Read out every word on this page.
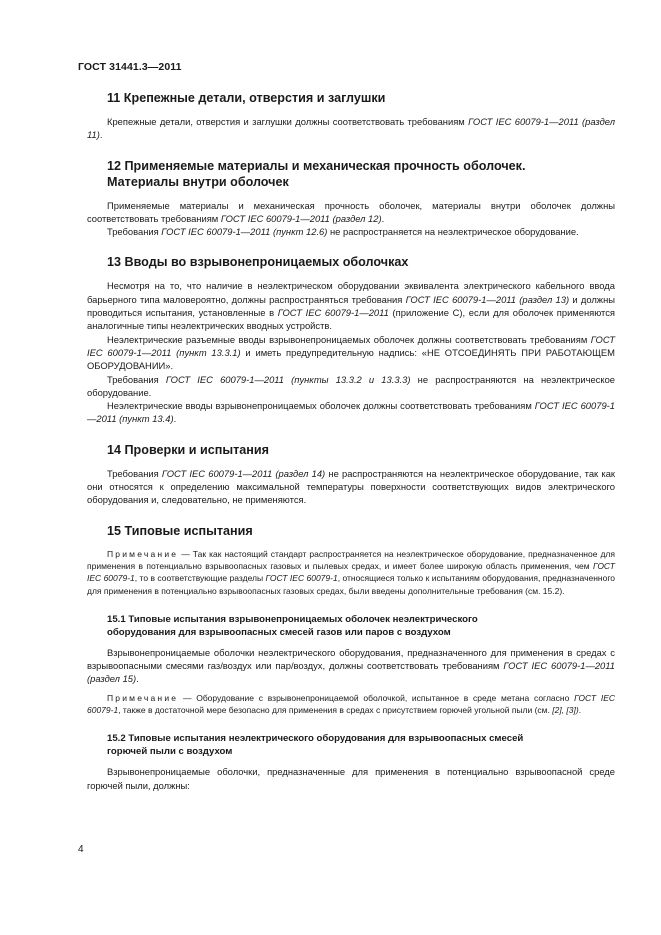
ГОСТ 31441.3—2011
11 Крепежные детали, отверстия и заглушки

Крепежные детали, отверстия и заглушки должны соответствовать требованиям ГОСТ IEC 60079-1—2011 (раздел 11).

12 Применяемые материалы и механическая прочность оболочек.
Материалы внутри оболочек

Применяемые материалы и механическая прочность оболочек, материалы внутри оболочек должны соответствовать требованиям ГОСТ IEC 60079-1—2011 (раздел 12).

Требования ГОСТ IEC 60079-1—2011 (пункт 12.6) не распространяется на неэлектрическое оборудование.

13 Вводы во взрывонепроницаемых оболочках

Несмотря на то, что наличие в неэлектрическом оборудовании эквивалента электрического кабельного ввода барьерного типа маловероятно, должны распространяться требования ГОСТ IEC 60079-1—2011 (раздел 13) и должны проводиться испытания, установленные в ГОСТ IEC 60079-1—2011 (приложение С), если для оболочек применяются аналогичные типы неэлектрических вводных устройств.

Неэлектрические разъемные вводы взрывонепроницаемых оболочек должны соответствовать требованиям ГОСТ IEC 60079-1—2011 (пункт 13.3.1) и иметь предупредительную надпись: «НЕ ОТСОЕДИНЯТЬ ПРИ РАБОТАЮЩЕМ ОБОРУДОВАНИИ».

Требования ГОСТ IEC 60079-1—2011 (пункты 13.3.2 и 13.3.3) не распространяются на неэлектрическое оборудование.

Неэлектрические вводы взрывонепроницаемых оболочек должны соответствовать требованиям ГОСТ IEC 60079-1—2011 (пункт 13.4).

14 Проверки и испытания

Требования ГОСТ IEC 60079-1—2011 (раздел 14) не распространяются на неэлектрическое оборудование, так как они относятся к определению максимальной температуры поверхности соответствующих видов электрического оборудования и, следовательно, не применяются.

15 Типовые испытания

Примечание — Так как настоящий стандарт распространяется на неэлектрическое оборудование, предназначенное для применения в потенциально взрывоопасных газовых и пылевых средах, и имеет более широкую область применения, чем ГОСТ IEC 60079-1, то в соответствующие разделы ГОСТ IEC 60079-1, относящиеся только к испытаниям оборудования, предназначенного для применения в потенциально взрывоопасных газовых средах, были введены дополнительные требования (см. 15.2).

15.1 Типовые испытания взрывонепроницаемых оболочек неэлектрического
оборудования для взрывоопасных смесей газов или паров с воздухом

Взрывонепроницаемые оболочки неэлектрического оборудования, предназначенного для применения в средах с взрывоопасными смесями газ/воздух или пар/воздух, должны соответствовать требованиям ГОСТ IEC 60079-1—2011 (раздел 15).

Примечание — Оборудование с взрывонепроницаемой оболочкой, испытанное в среде метана согласно ГОСТ IEC 60079-1, также в достаточной мере безопасно для применения в средах с присутствием горючей угольной пыли (см. [2], [3]).

15.2 Типовые испытания неэлектрического оборудования для взрывоопасных смесей
горючей пыли с воздухом

Взрывонепроницаемые оболочки, предназначенные для применения в потенциально взрывоопасной среде горючей пыли, должны:

4
